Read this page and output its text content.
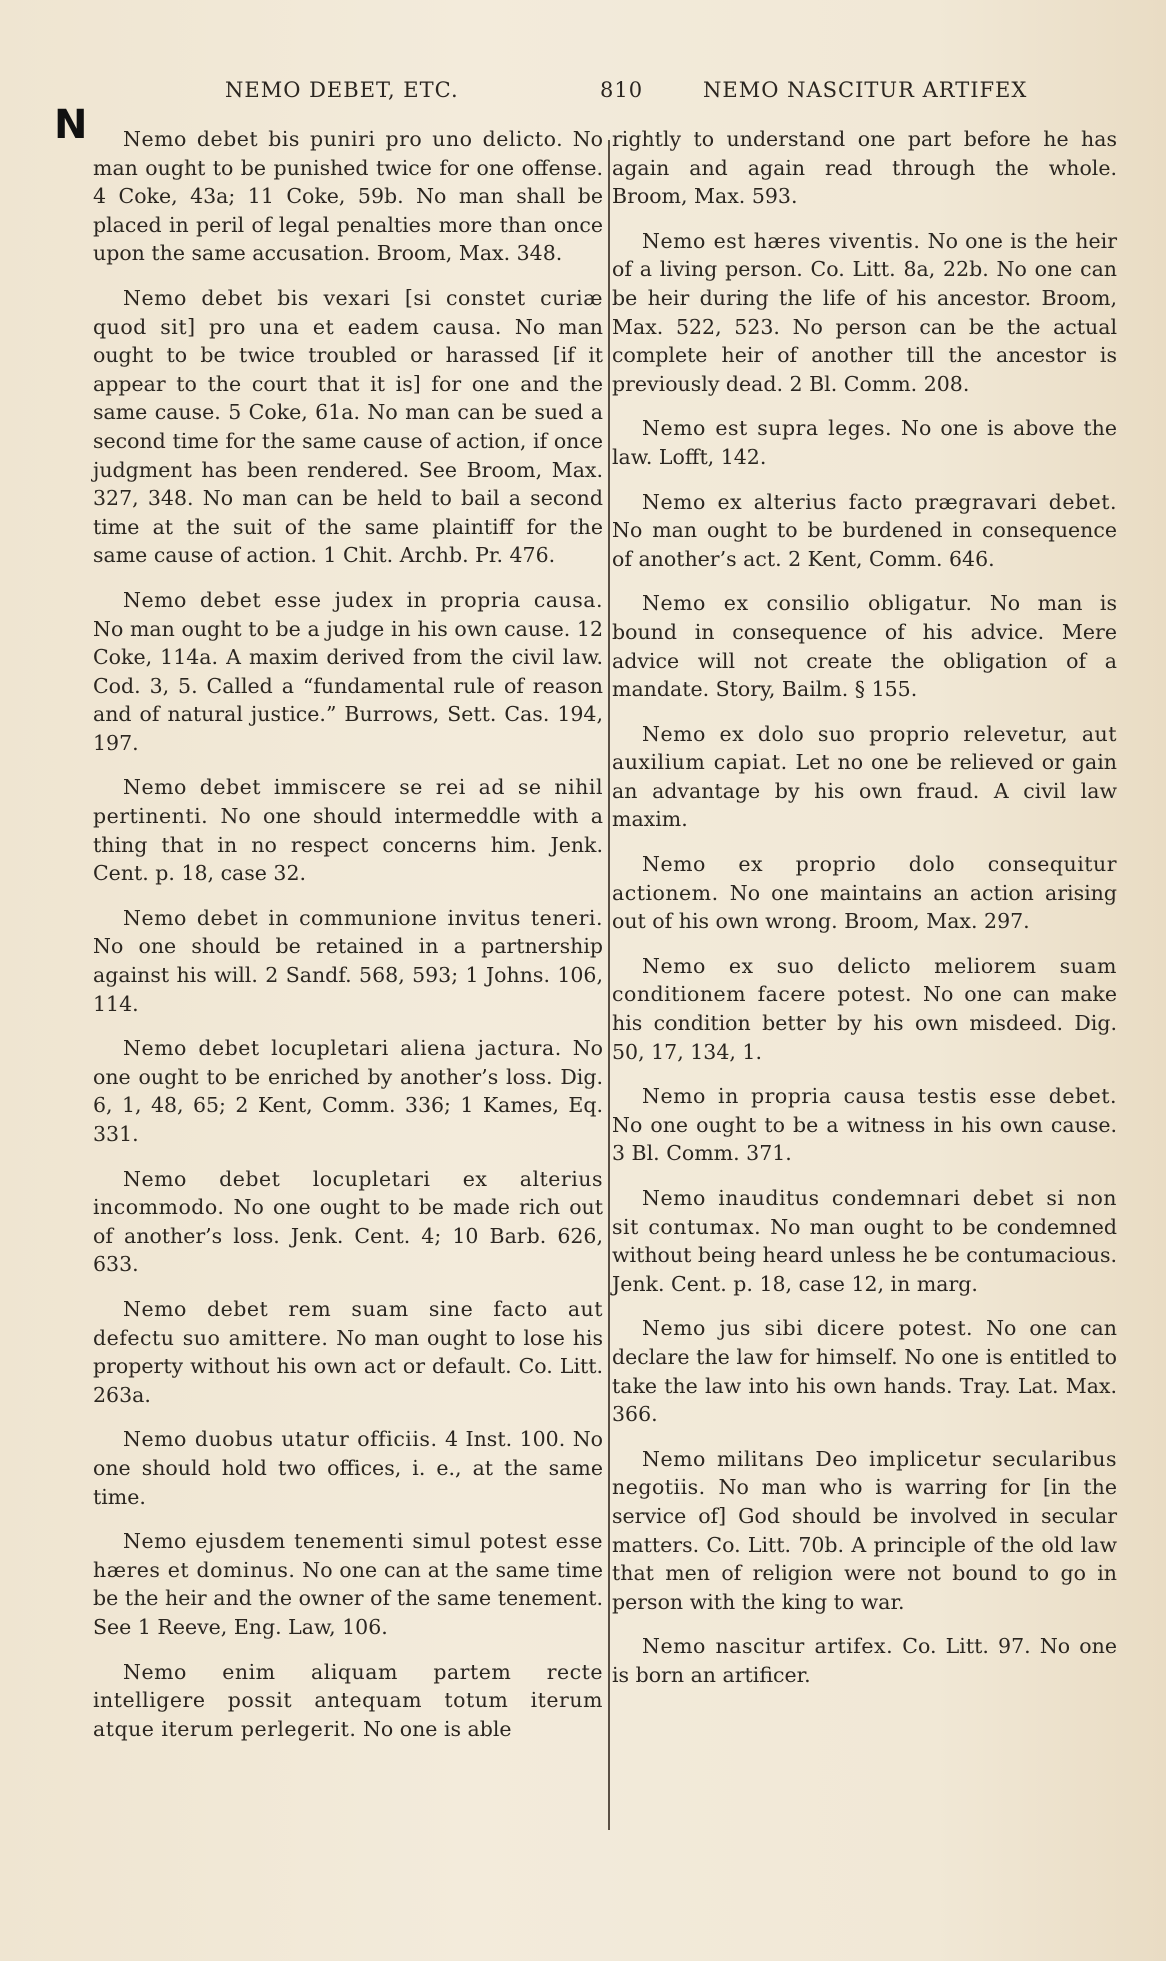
NEMO DEBET, ETC.	810	NEMO NASCITUR ARTIFEX
N	Nemo debet bis puniri pro uno delicto. No man ought to be punished twice for one offense. 4 Coke, 43a; 11 Coke, 59b. No man shall be placed in peril of legal penalties more than once upon the same accusation. Broom, Max. 348.

Nemo debet bis vexari [si constet curiæ quod sit] pro una et eadem causa. No man ought to be twice troubled or harassed [if it appear to the court that it is] for one and the same cause. 5 Coke, 61a. No man can be sued a second time for the same cause of action, if once judgment has been rendered. See Broom, Max. 327, 348. No man can be held to bail a second time at the suit of the same plaintiff for the same cause of action. 1 Chit. Archb. Pr. 476.

Nemo debet esse judex in propria causa. No man ought to be a judge in his own cause. 12 Coke, 114a. A maxim derived from the civil law. Cod. 3, 5. Called a “fundamental rule of reason and of natural justice.” Burrows, Sett. Cas. 194, 197.

Nemo debet immiscere se rei ad se nihil pertinenti. No one should intermeddle with a thing that in no respect concerns him. Jenk. Cent. p. 18, case 32.

Nemo debet in communione invitus teneri. No one should be retained in a partnership against his will. 2 Sandf. 568, 593; 1 Johns. 106, 114.

Nemo debet locupletari aliena jactura. No one ought to be enriched by another’s loss. Dig. 6, 1, 48, 65; 2 Kent, Comm. 336; 1 Kames, Eq. 331.

Nemo debet locupletari ex alterius incommodo. No one ought to be made rich out of another’s loss. Jenk. Cent. 4; 10 Barb. 626, 633.

Nemo debet rem suam sine facto aut defectu suo amittere. No man ought to lose his property without his own act or default. Co. Litt. 263a.

Nemo duobus utatur officiis. 4 Inst. 100. No one should hold two offices, i. e., at the same time.

Nemo ejusdem tenementi simul potest esse hæres et dominus. No one can at the same time be the heir and the owner of the same tenement. See 1 Reeve, Eng. Law, 106.

Nemo enim aliquam partem recte intelligere possit antequam totum iterum atque iterum perlegerit. No one is able

rightly to understand one part before he has again and again read through the whole. Broom, Max. 593.

Nemo est hæres viventis. No one is the heir of a living person. Co. Litt. 8a, 22b. No one can be heir during the life of his ancestor. Broom, Max. 522, 523. No person can be the actual complete heir of another till the ancestor is previously dead. 2 Bl. Comm. 208.

Nemo est supra leges. No one is above the law. Lofft, 142.

Nemo ex alterius facto prægravari debet. No man ought to be burdened in consequence of another’s act. 2 Kent, Comm. 646.

Nemo ex consilio obligatur. No man is bound in consequence of his advice. Mere advice will not create the obligation of a mandate. Story, Bailm. § 155.

Nemo ex dolo suo proprio relevetur, aut auxilium capiat. Let no one be relieved or gain an advantage by his own fraud. A civil law maxim.

Nemo ex proprio dolo consequitur actionem. No one maintains an action arising out of his own wrong. Broom, Max. 297.

Nemo ex suo delicto meliorem suam conditionem facere potest. No one can make his condition better by his own misdeed. Dig. 50, 17, 134, 1.

Nemo in propria causa testis esse debet. No one ought to be a witness in his own cause. 3 Bl. Comm. 371.

Nemo inauditus condemnari debet si non sit contumax. No man ought to be condemned without being heard unless he be contumacious. Jenk. Cent. p. 18, case 12, in marg.

Nemo jus sibi dicere potest. No one can declare the law for himself. No one is entitled to take the law into his own hands. Tray. Lat. Max. 366.

Nemo militans Deo implicetur secularibus negotiis. No man who is warring for [in the service of] God should be involved in secular matters. Co. Litt. 70b. A principle of the old law that men of religion were not bound to go in person with the king to war.

Nemo nascitur artifex. Co. Litt. 97. No one is born an artificer.
